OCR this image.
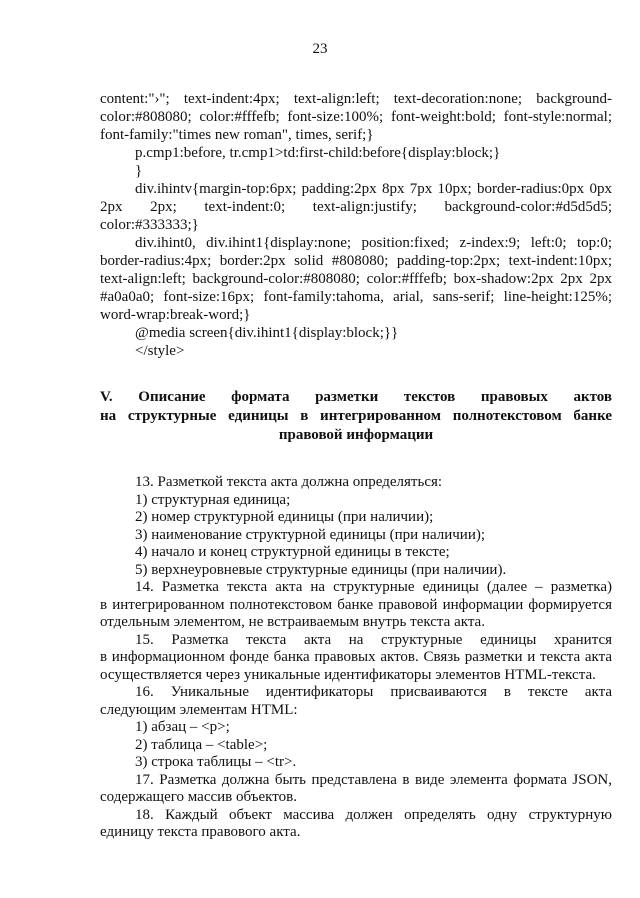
23

content:"›"; text-indent:4px; text-align:left; text-decoration:none; background-

color:#808080; color:#fffefb; font-size:100%; font-weight:bold; font-style:normal;

font-family:"times new roman", times, serif;}

p.cmp1:before, tr.cmp1>td:first-child:before{display:block;}

}

div.ihintv{margin-top:6px; padding:2px 8px 7px 10px; border-radius:0px 0px

2px 2px; text-indent:0; text-align:justify; background-color:#d5d5d5;

color:#333333;}

div.ihint0, div.ihint1{display:none; position:fixed; z-index:9; left:0; top:0;

border-radius:4px; border:2px solid #808080; padding-top:2px; text-indent:10px;

text-align:left; background-color:#808080; color:#fffefb; box-shadow:2px 2px 2px

#a0a0a0; font-size:16px; font-family:tahoma, arial, sans-serif; line-height:125%;

word-wrap:break-word;}

@media screen{div.ihint1{display:block;}}

</style>

V. Описание формата разметки текстов правовых актов

на структурные единицы в интегрированном полнотекстовом банке

правовой информации

13. Разметкой текста акта должна определяться:

1) структурная единица;

2) номер структурной единицы (при наличии);

3) наименование структурной единицы (при наличии);

4) начало и конец структурной единицы в тексте;

5) верхнеуровневые структурные единицы (при наличии).

14. Разметка текста акта на структурные единицы (далее – разметка)

в интегрированном полнотекстовом банке правовой информации формируется

отдельным элементом, не встраиваемым внутрь текста акта.

15. Разметка текста акта на структурные единицы хранится

в информационном фонде банка правовых актов. Связь разметки и текста акта

осуществляется через уникальные идентификаторы элементов HTML-текста.

16. Уникальные идентификаторы присваиваются в тексте акта

следующим элементам HTML:

1) абзац – <p>;

2) таблица – <table>;

3) строка таблицы – <tr>.

17. Разметка должна быть представлена в виде элемента формата JSON,

содержащего массив объектов.

18. Каждый объект массива должен определять одну структурную

единицу текста правового акта.
